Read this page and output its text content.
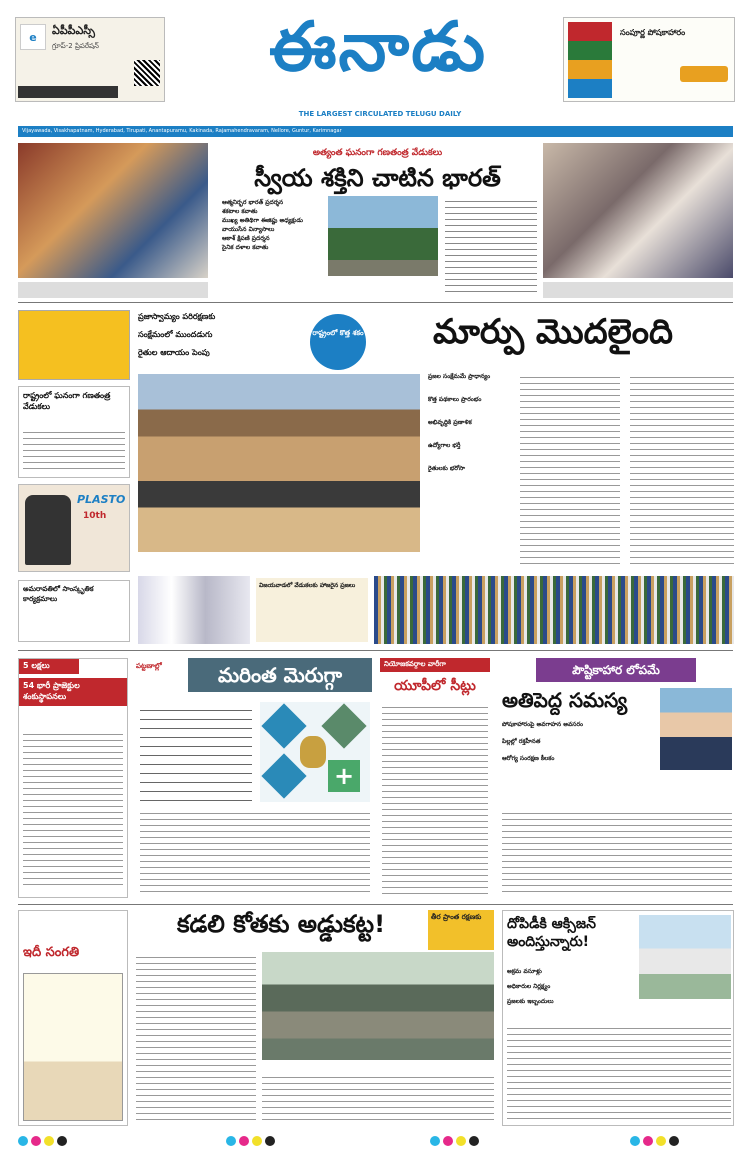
e
ఏపీపీఎస్సీ
గ్రూప్-2 ప్రిపరేషన్	ఈనాడు
THE LARGEST CIRCULATED TELUGU DAILY
సంపూర్ణ పోషకాహారం
Vijayawada, Visakhapatnam, Hyderabad, Tirupati, Anantapuramu, Kakinada, Rajamahendravaram, Nellore, Guntur, Karimnagar
అత్యంత ఘనంగా గణతంత్ర వేడుకలు
స్వీయ శక్తిని చాటిన భారత్
ఆత్మనిర్భర భారత్ ప్రదర్శన
శకటాల కవాతు
ముఖ్య అతిథిగా ఈజిప్టు అధ్యక్షుడు
వాయుసేన విన్యాసాలు
ఆకాశ్ క్షిపణి ప్రదర్శన
సైనిక దళాల కవాతు
ప్రజాస్వామ్యం పరిరక్షణకు
సంక్షేమంలో ముందడుగు
రైతుల ఆదాయం పెంపు
రాష్ట్రంలో కొత్త శకం	మార్పు మొదలైంది
రాష్ట్రంలో ఘనంగా గణతంత్ర వేడుకలు
PLASTO
10th
ప్రజల సంక్షేమమే ప్రాధాన్యం
కొత్త పథకాలు ప్రారంభం
అభివృద్ధికి ప్రణాళిక
ఉద్యోగాల భర్తీ
రైతులకు భరోసా
అమరావతిలో సాంస్కృతిక కార్యక్రమాలు
విజయవాడలో వేడుకలకు హాజరైన ప్రజలు
5 లక్షలు
54 భారీ ప్రాజెక్టుల శంకుస్థాపనలు
పట్టణాల్లో	మరింత మెరుగ్గా
+
నియోజకవర్గాల వారీగా
యూపీలో సీట్లు
పౌష్టికాహార లోపమే
అతిపెద్ద సమస్య
పోషకాహారంపై అవగాహన అవసరం
పిల్లల్లో రక్తహీనత
ఆరోగ్య సంరక్షణ కీలకం
ఇదీ సంగతి
కడలి కోతకు అడ్డుకట్ట!	తీర ప్రాంత రక్షణకు	దోపిడీకి ఆక్సిజన్ అందిస్తున్నారు!
అక్రమ వసూళ్లు
అధికారుల నిర్లక్ష్యం
ప్రజలకు ఇబ్బందులు
